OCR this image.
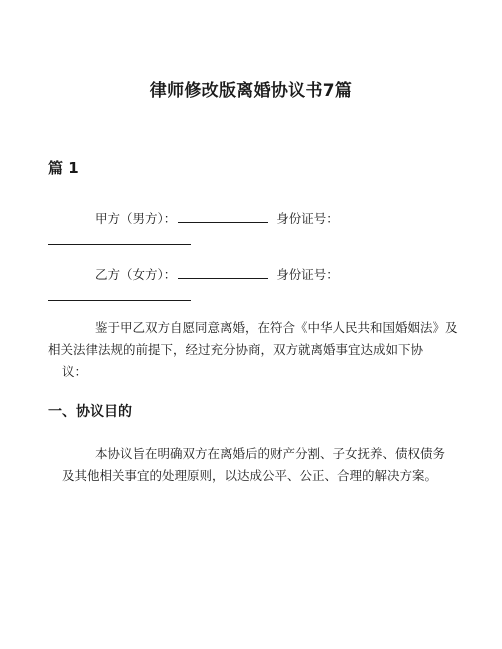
律师修改版离婚协议书7篇
篇 1
甲方（男方）：	身份证号：
乙方（女方）：	身份证号：
鉴于甲乙双方自愿同意离婚，在符合《中华人民共和国婚姻法》及
相关法律法规的前提下，经过充分协商，双方就离婚事宜达成如下协
议：
一、协议目的
本协议旨在明确双方在离婚后的财产分割、子女抚养、债权债务
及其他相关事宜的处理原则，以达成公平、公正、合理的解决方案。
